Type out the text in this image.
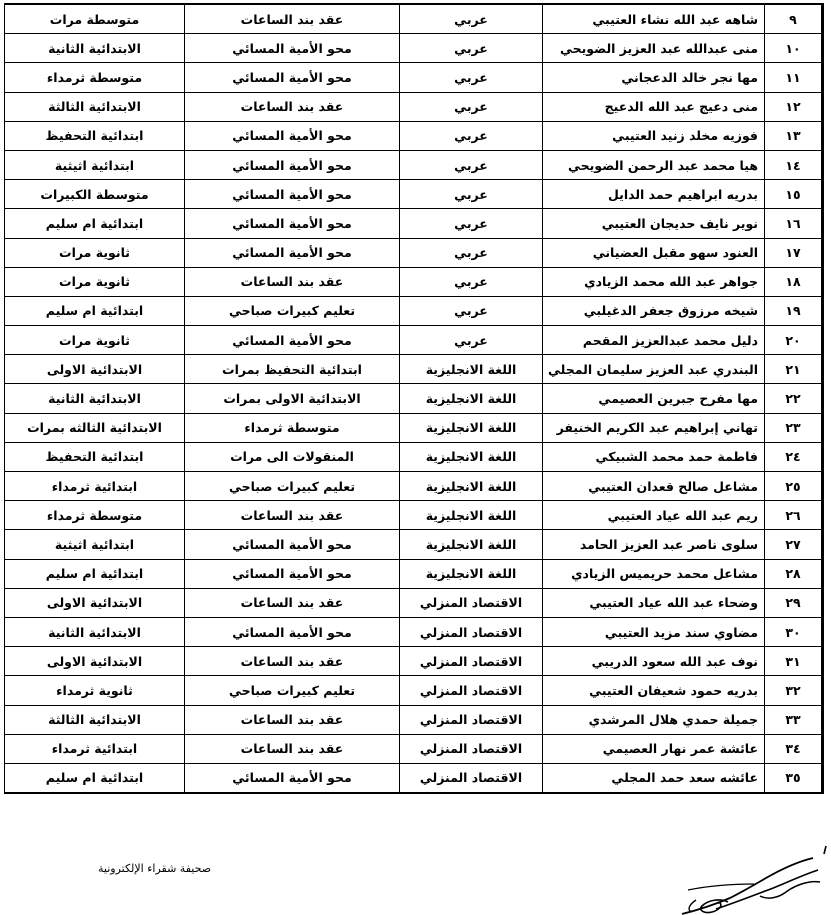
٩	شاهه عبد الله نشاء العتيبي	عربي	عقد بند الساعات	متوسطة مرات
١٠	منى عبدالله عبد العزيز الضويحي	عربي	محو الأمية المسائي	الابتدائية الثانية
١١	مها نجر خالد الدعجاني	عربي	محو الأمية المسائي	متوسطة ثرمداء
١٢	منى دعيج عبد الله الدعيج	عربي	عقد بند الساعات	الابتدائية الثالثة
١٣	فوزيه مخلد زنيد العتيبي	عربي	محو الأمية المسائي	ابتدائية التحفيظ
١٤	هيا محمد عبد الرحمن الضويحي	عربي	محو الأمية المسائي	ابتدائية اثيثية
١٥	بدريه ابراهيم حمد الدايل	عربي	محو الأمية المسائي	متوسطة الكبيرات
١٦	نوير نايف حديجان العتيبي	عربي	محو الأمية المسائي	ابتدائية ام سليم
١٧	العنود سهو مقبل العضياني	عربي	محو الأمية المسائي	ثانوية مرات
١٨	جواهر عبد الله محمد الزيادي	عربي	عقد بند الساعات	ثانوية مرات
١٩	شيخه مرزوق جعفر الدغيلبي	عربي	تعليم كبيرات صباحي	ابتدائية ام سليم
٢٠	دليل محمد عبدالعزيز المقحم	عربي	محو الأمية المسائي	ثانوية مرات
٢١	البندري عبد العزيز سليمان المجلي	اللغة الانجليزية	ابتدائية التحفيظ بمرات	الابتدائية الاولى
٢٢	مها مفرح جبرين العصيمي	اللغة الانجليزية	الابتدائية الاولى بمرات	الابتدائية الثانية
٢٣	تهاني إبراهيم عبد الكريم الخنيفر	اللغة الانجليزية	متوسطة ثرمداء	الابتدائية الثالثه بمرات
٢٤	فاطمة حمد محمد الشبيكي	اللغة الانجليزية	المنقولات الى مرات	ابتدائية التحفيظ
٢٥	مشاعل صالح قعدان العتيبي	اللغة الانجليزية	تعليم كبيرات صباحي	ابتدائية ثرمداء
٢٦	ريم عبد الله عياد العتيبي	اللغة الانجليزية	عقد بند الساعات	متوسطة ثرمداء
٢٧	سلوى ناصر عبد العزيز الحامد	اللغة الانجليزية	محو الأمية المسائي	ابتدائية اثيثية
٢٨	مشاعل محمد حريميس الزيادي	اللغة الانجليزية	محو الأمية المسائي	ابتدائية ام سليم
٢٩	وضحاء عبد الله عياد العتيبي	الاقتصاد المنزلي	عقد بند الساعات	الابتدائية الاولى
٣٠	مضاوي سند مزيد العتيبي	الاقتصاد المنزلي	محو الأمية المسائي	الابتدائية الثانية
٣١	نوف عبد الله سعود الدريبي	الاقتصاد المنزلي	عقد بند الساعات	الابتدائية الاولى
٣٢	بدريه حمود شعيفان العتيبي	الاقتصاد المنزلي	تعليم كبيرات صباحي	ثانوية ثرمداء
٣٣	جميلة حمدي هلال المرشدي	الاقتصاد المنزلي	عقد بند الساعات	الابتدائية الثالثة
٣٤	عائشة عمر نهار العصيمي	الاقتصاد المنزلي	عقد بند الساعات	ابتدائية ثرمداء
٣٥	عائشه سعد حمد المجلي	الاقتصاد المنزلي	محو الأمية المسائي	ابتدائية ام سليم
صحيفة شقراء الإلكترونية
